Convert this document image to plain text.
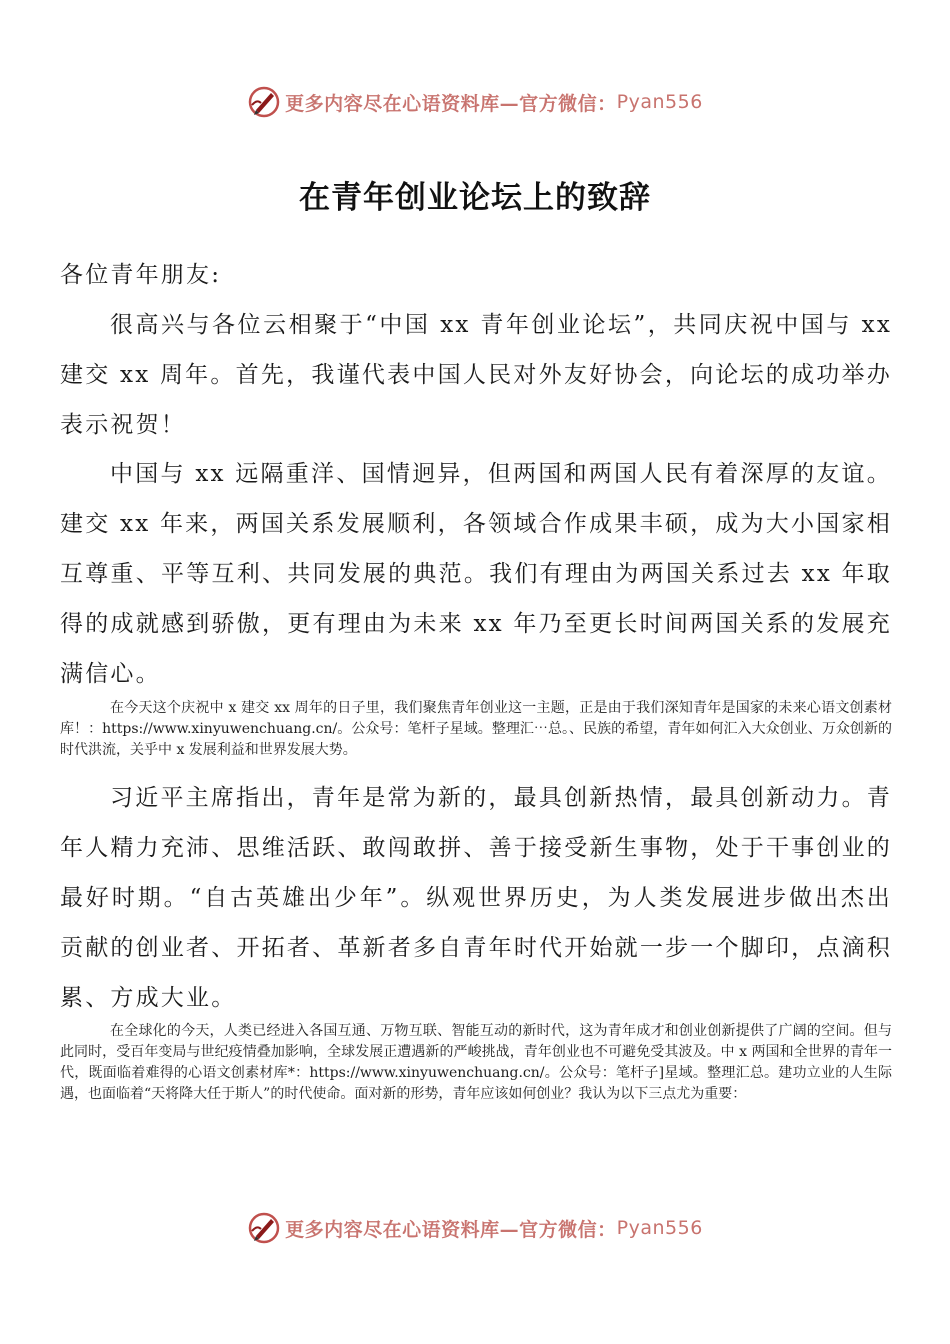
更多内容尽在心语资料库—官方微信： Pyan556
在青年创业论坛上的致辞
各位青年朋友:
很高兴与各位云相聚于“中国 xx 青年创业论坛”，共同庆祝中国与 xx 建交 xx 周年。首先，我谨代表中国人民对外友好协会，向论坛的成功举办表示祝贺！
中国与 xx 远隔重洋、国情迥异，但两国和两国人民有着深厚的友谊。建交 xx 年来，两国关系发展顺利，各领域合作成果丰硕，成为大小国家相互尊重、平等互利、共同发展的典范。我们有理由为两国关系过去 xx 年取得的成就感到骄傲，更有理由为未来 xx 年乃至更长时间两国关系的发展充满信心。
在今天这个庆祝中 x 建交 xx 周年的日子里，我们聚焦青年创业这一主题，正是由于我们深知青年是国家的未来心语文创素材库！：https://www.xinyuwenchuang.cn/。公众号：笔杆子星域。整理汇⋯总。、民族的希望，青年如何汇入大众创业、万众创新的时代洪流，关乎中 x 发展利益和世界发展大势。
习近平主席指出，青年是常为新的，最具创新热情，最具创新动力。青年人精力充沛、思维活跃、敢闯敢拼、善于接受新生事物，处于干事创业的最好时期。“自古英雄出少年”。纵观世界历史，为人类发展进步做出杰出贡献的创业者、开拓者、革新者多自青年时代开始就一步一个脚印，点滴积累、方成大业。
在全球化的今天，人类已经进入各国互通、万物互联、智能互动的新时代，这为青年成才和创业创新提供了广阔的空间。但与此同时，受百年变局与世纪疫情叠加影响，全球发展正遭遇新的严峻挑战，青年创业也不可避免受其波及。中 x 两国和全世界的青年一代，既面临着难得的心语文创素材库*：https://www.xinyuwenchuang.cn/。公众号：笔杆子]星域。整理汇总。建功立业的人生际遇，也面临着“天将降大任于斯人”的时代使命。面对新的形势，青年应该如何创业？我认为以下三点尤为重要：
更多内容尽在心语资料库—官方微信： Pyan556
